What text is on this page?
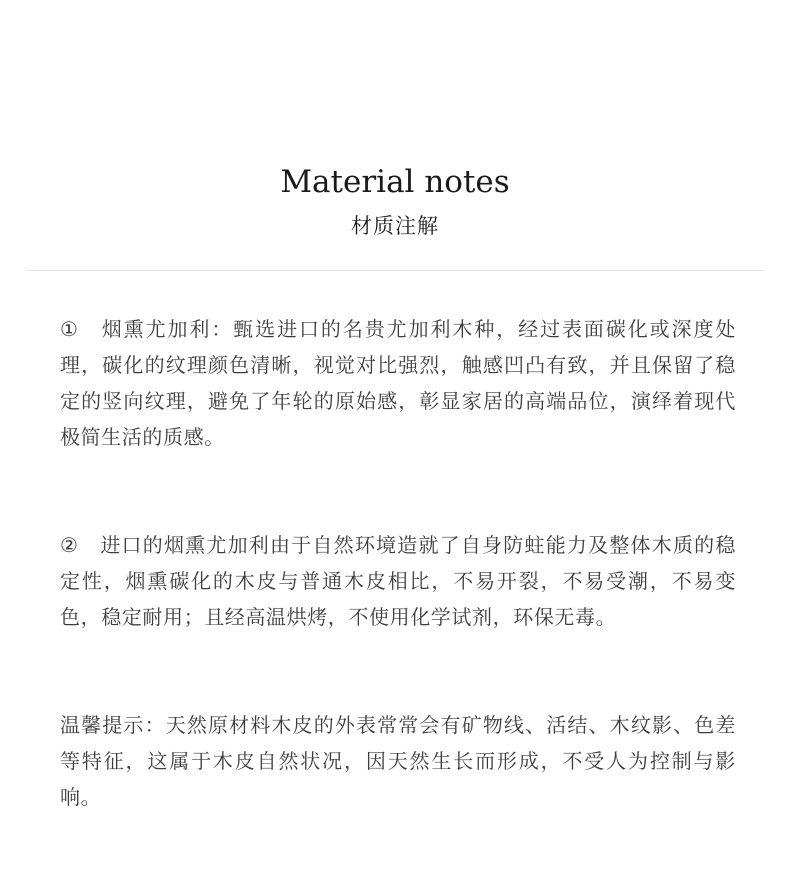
Material notes
材质注解

①　烟熏尤加利：甄选进口的名贵尤加利木种，经过表面碳化或深度处理，碳化的纹理颜色清晰，视觉对比强烈，触感凹凸有致，并且保留了稳定的竖向纹理，避免了年轮的原始感，彰显家居的高端品位，演绎着现代极简生活的质感。

②　进口的烟熏尤加利由于自然环境造就了自身防蛀能力及整体木质的稳定性，烟熏碳化的木皮与普通木皮相比，不易开裂，不易受潮，不易变色，稳定耐用；且经高温烘烤，不使用化学试剂，环保无毒。

温馨提示：天然原材料木皮的外表常常会有矿物线、活结、木纹影、色差等特征，这属于木皮自然状况，因天然生长而形成，不受人为控制与影响。
